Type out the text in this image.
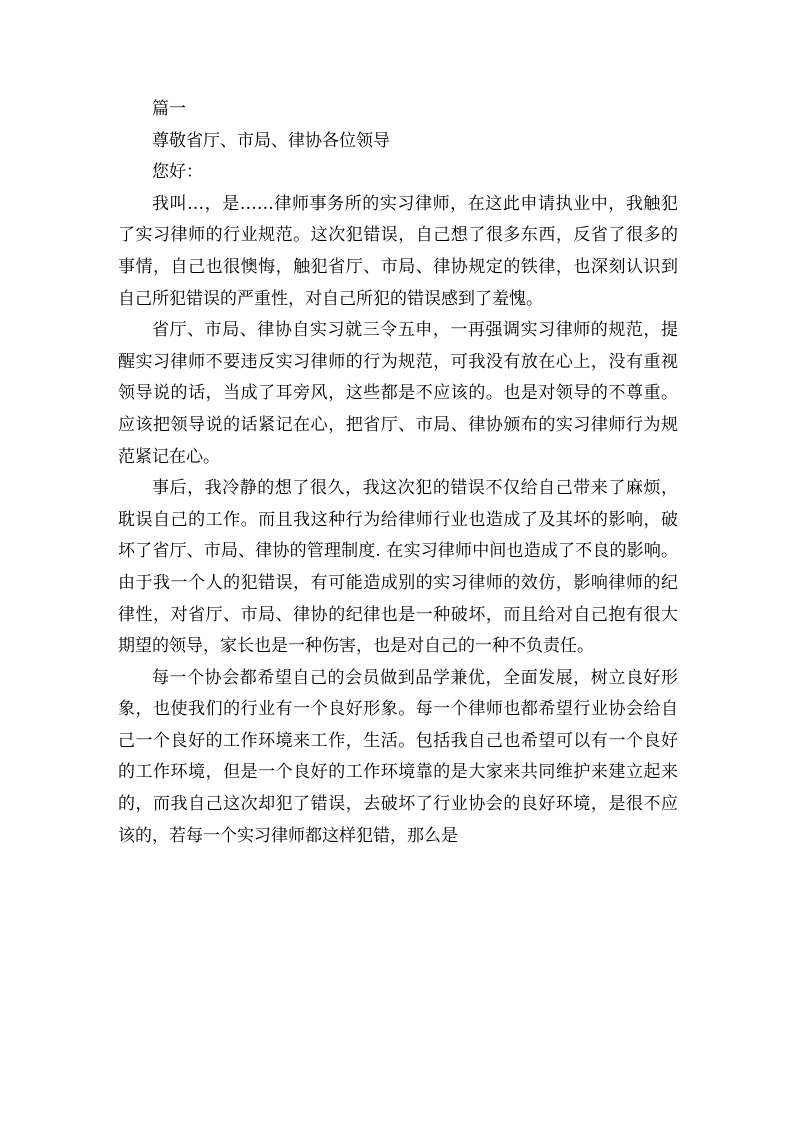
篇一

尊敬省厅、市局、律协各位领导

您好：

我叫…，是……律师事务所的实习律师，在这此申请执业中，我触犯了实习律师的行业规范。这次犯错误，自己想了很多东西，反省了很多的事情，自己也很懊悔，触犯省厅、市局、律协规定的铁律，也深刻认识到自己所犯错误的严重性，对自己所犯的错误感到了羞愧。

省厅、市局、律协自实习就三令五申，一再强调实习律师的规范，提醒实习律师不要违反实习律师的行为规范，可我没有放在心上，没有重视领导说的话，当成了耳旁风，这些都是不应该的。也是对领导的不尊重。应该把领导说的话紧记在心，把省厅、市局、律协颁布的实习律师行为规范紧记在心。

事后，我冷静的想了很久，我这次犯的错误不仅给自己带来了麻烦，耽误自己的工作。而且我这种行为给律师行业也造成了及其坏的影响，破坏了省厅、市局、律协的管理制度. 在实习律师中间也造成了不良的影响。由于我一个人的犯错误，有可能造成别的实习律师的效仿，影响律师的纪律性，对省厅、市局、律协的纪律也是一种破坏，而且给对自己抱有很大期望的领导，家长也是一种伤害，也是对自己的一种不负责任。

每一个协会都希望自己的会员做到品学兼优，全面发展，树立良好形象，也使我们的行业有一个良好形象。每一个律师也都希望行业协会给自己一个良好的工作环境来工作，生活。包括我自己也希望可以有一个良好的工作环境，但是一个良好的工作环境靠的是大家来共同维护来建立起来的，而我自己这次却犯了错误，去破坏了行业协会的良好环境，是很不应该的，若每一个实习律师都这样犯错，那么是
